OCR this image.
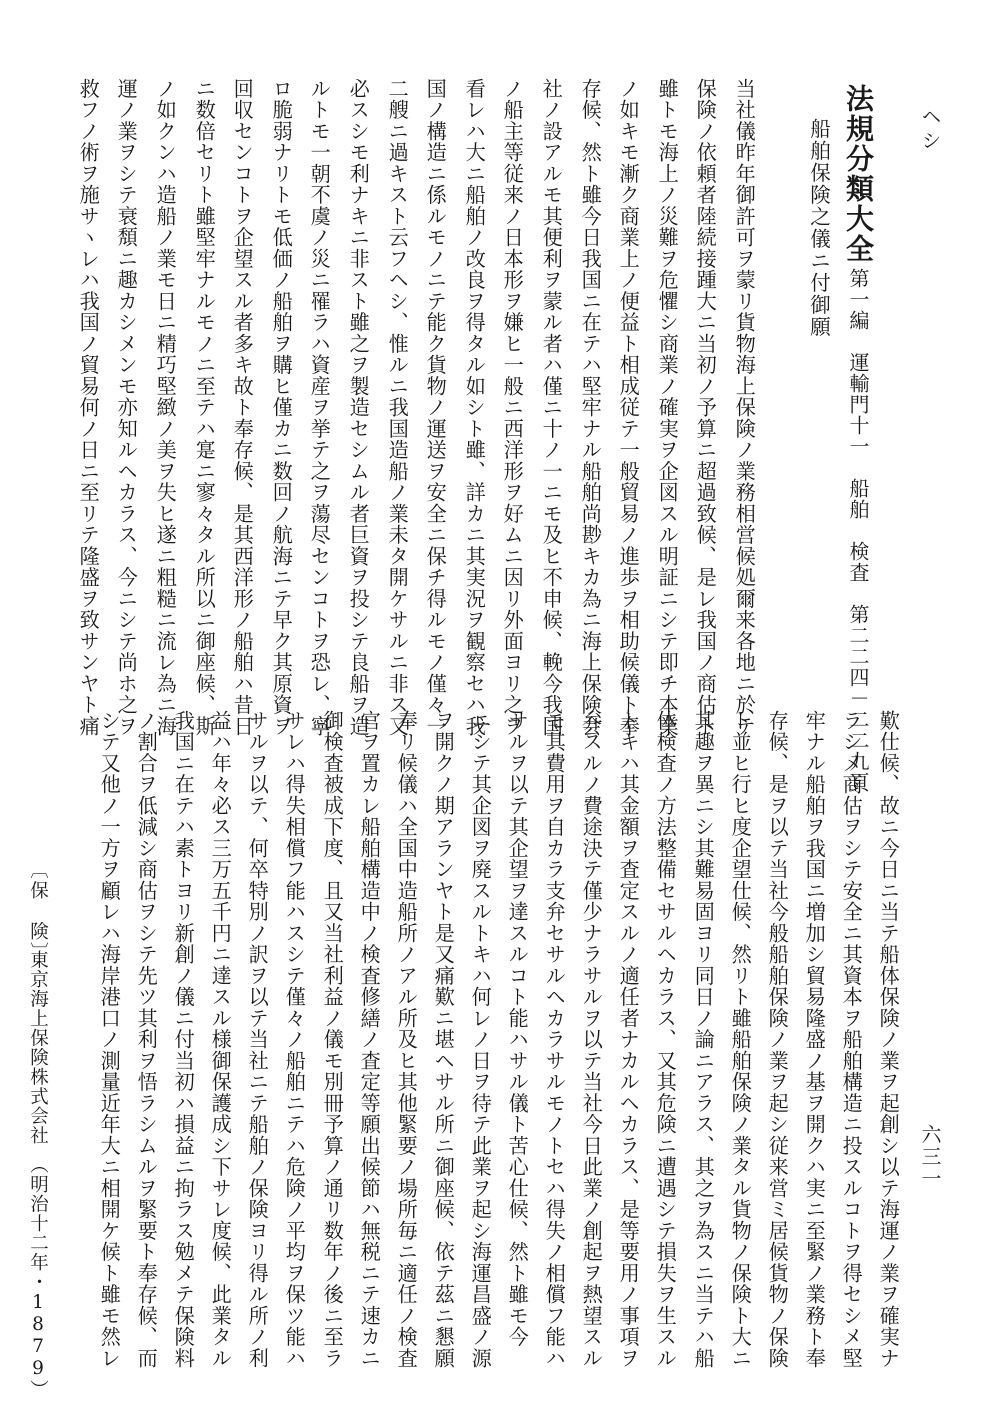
ヘシ
法規分類大全
第一編　運輸門十一　船舶　検査　第二二四－二二九頁
船舶保険之儀ニ付御願
当社儀昨年御許可ヲ蒙リ貨物海上保険ノ業務相営候処爾来各地ニ於テ
保険ノ依頼者陸続接踵大ニ当初ノ予算ニ超過致候、是レ我国ノ商估ト
雖トモ海上ノ災難ヲ危懼シ商業ノ確実ヲ企図スル明証ニシテ即チ本業
ノ如キモ漸ク商業上ノ便益ト相成従テ一般貿易ノ進歩ヲ相助候儀ト奉
存候、然ト雖今日我国ニ在テハ堅牢ナル船舶尚尠キカ為ニ海上保険会
社ノ設アルモ其便利ヲ蒙ル者ハ僅ニ十ノ一ニモ及ヒ不申候、輓今我国
ノ船主等従来ノ日本形ヲ嫌ヒ一般ニ西洋形ヲ好ムニ因リ外面ヨリ之ヲ
看レハ大ニ船舶ノ改良ヲ得タル如シト雖、詳カニ其実況ヲ観察セハ我
国ノ構造ニ係ルモノニテ能ク貨物ノ運送ヲ安全ニ保チ得ルモノ僅々一
二艘ニ過キスト云フヘシ、惟ルニ我国造船ノ業未タ開ケサルニ非ス又
必スシモ利ナキニ非スト雖之ヲ製造セシムル者巨資ヲ投シテ良船ヲ造
ルトモ一朝不虞ノ災ニ罹ラハ資産ヲ挙テ之ヲ蕩尽センコトヲ恐レ、寧
ロ脆弱ナリトモ低価ノ船舶ヲ購ヒ僅カニ数回ノ航海ニテ早ク其原資ヲ
回収センコトヲ企望スル者多キ故ト奉存候、是其西洋形ノ船舶ハ昔日
ニ数倍セリト雖堅牢ナルモノニ至テハ寔ニ寥々タル所以ニ御座候、斯
ノ如クンハ造船ノ業モ日ニ精巧堅緻ノ美ヲ失ヒ遂ニ粗糙ニ流レ為ニ海
運ノ業ヲシテ衰頽ニ趣カシメンモ亦知ルヘカラス、今ニシテ尚ホ之ヲ
救フノ術ヲ施サヽレハ我国ノ貿易何ノ日ニ至リテ隆盛ヲ致サンヤト痛
歎仕候、故ニ今日ニ当テ船体保険ノ業ヲ起創シ以テ海運ノ業ヲ確実ナ
ラシメ商估ヲシテ安全ニ其資本ヲ船舶構造ニ投スルコトヲ得セシメ堅
牢ナル船舶ヲ我国ニ増加シ貿易隆盛ノ基ヲ開クハ実ニ至緊ノ業務ト奉
存候、是ヲ以テ当社今般船舶保険ノ業ヲ起シ従来営ミ居候貨物ノ保険
ト並ヒ行ヒ度企望仕候、然リト雖船舶保険ノ業タル貨物ノ保険ト大ニ
其趣ヲ異ニシ其難易固ヨリ同日ノ論ニアラス、其之ヲ為スニ当テハ船
体検査ノ方法整備セサルヘカラス、又其危険ニ遭遇シテ損失ヲ生スル
トキハ其金額ヲ査定スルノ適任者ナカルヘカラス、是等要用ノ事項ヲ
弁スルノ費途決テ僅少ナラサルヲ以テ当社今日此業ノ創起ヲ熱望スル
モ其費用ヲ自カラ支弁セサルヘカラサルモノトセハ得失ノ相償フ能ハ
サルヲ以テ其企望ヲ達スルコト能ハサル儀ト苦心仕候、然ト雖モ今
ニシテ其企図ヲ廃スルトキハ何レノ日ヲ待テ此業ヲ起シ海運昌盛ノ源
ヲ開クノ期アランヤト是又痛歎ニ堪ヘサル所ニ御座候、依テ茲ニ懇願
奉リ候儀ハ全国中造船所ノアル所及ヒ其他緊要ノ場所毎ニ適任ノ検査
官ヲ置カレ船舶構造中ノ検査修繕ノ査定等願出候節ハ無税ニテ速カニ
御検査被成下度、且又当社利益ノ儀モ別冊予算ノ通リ数年ノ後ニ至ラ
サレハ得失相償フ能ハスシテ僅々ノ船舶ニテハ危険ノ平均ヲ保ツ能ハ
サルヲ以テ、何卒特別ノ訳ヲ以テ当社ニテ船舶ノ保険ヨリ得ル所ノ利
益ハ年々必ス三万五千円ニ達スル様御保護成シ下サレ度候、此業タル
我国ニ在テハ素トヨリ新創ノ儀ニ付当初ハ損益ニ拘ラス勉メテ保険料
ノ割合ヲ低減シ商估ヲシテ先ツ其利ヲ悟ラシムルヲ緊要ト奉存候、而
シテ又他ノ一方ヲ顧レハ海岸港口ノ測量近年大ニ相開ケ候ト雖モ然レ
〔保　険〕
東京海上保険株式会社　（明治十二年・1879）	六三一
